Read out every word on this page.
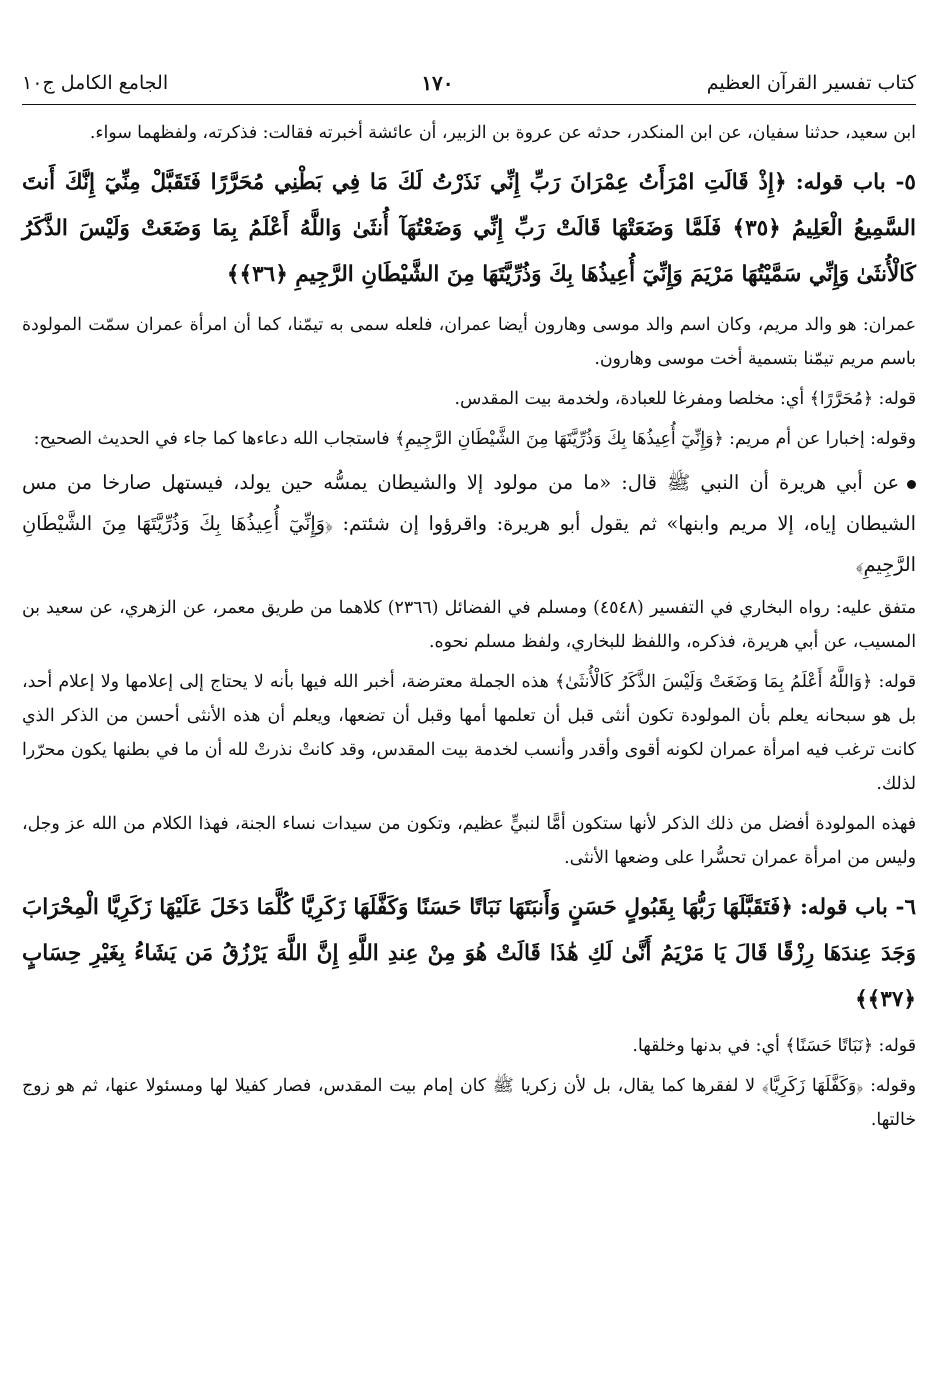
كتاب تفسير القرآن العظيم
١٧٠
الجامع الكامل ج١٠

ابن سعيد، حدثنا سفيان، عن ابن المنكدر، حدثه عن عروة بن الزبير، أن عائشة أخبرته فقالت: فذكرته، ولفظهما سواء.

٥- باب قوله: ﴿إِذْ قَالَتِ امْرَأَتُ عِمْرَانَ رَبِّ إِنِّي نَذَرْتُ لَكَ مَا فِي بَطْنِي مُحَرَّرًا فَتَقَبَّلْ مِنِّيٓ إِنَّكَ أَنتَ السَّمِيعُ الْعَلِيمُ ﴿٣٥﴾ فَلَمَّا وَضَعَتْهَا قَالَتْ رَبِّ إِنِّي وَضَعْتُهَآ أُنثَىٰ وَاللَّهُ أَعْلَمُ بِمَا وَضَعَتْ وَلَيْسَ الذَّكَرُ كَالْأُنثَىٰ وَإِنِّي سَمَّيْتُهَا مَرْيَمَ وَإِنِّيٓ أُعِيذُهَا بِكَ وَذُرِّيَّتَهَا مِنَ الشَّيْطَانِ الرَّجِيمِ ﴿٣٦﴾﴾

عمران: هو والد مريم، وكان اسم والد موسى وهارون أيضا عمران، فلعله سمى به تيمّنا، كما أن امرأة عمران سمّت المولودة باسم مريم تيمّنا بتسمية أخت موسى وهارون.

قوله: ﴿مُحَرَّرًا﴾ أي: مخلصا ومفرغا للعبادة، ولخدمة بيت المقدس.

وقوله: إخبارا عن أم مريم: ﴿وَإِنِّيٓ أُعِيذُهَا بِكَ وَذُرِّيَّتَهَا مِنَ الشَّيْطَانِ الرَّجِيمِ﴾ فاستجاب الله دعاءها كما جاء في الحديث الصحيح:

عن أبي هريرة أن النبي ﷺ قال: «ما من مولود إلا والشيطان يمسُّه حين يولد، فيستهل صارخا من مس الشيطان إياه، إلا مريم وابنها» ثم يقول أبو هريرة: واقرؤوا إن شئتم: ﴿وَإِنِّيٓ أُعِيذُهَا بِكَ وَذُرِّيَّتَهَا مِنَ الشَّيْطَانِ الرَّجِيمِ﴾

متفق عليه: رواه البخاري في التفسير (٤٥٤٨) ومسلم في الفضائل (٢٣٦٦) كلاهما من طريق معمر، عن الزهري، عن سعيد بن المسيب، عن أبي هريرة، فذكره، واللفظ للبخاري، ولفظ مسلم نحوه.

قوله: ﴿وَاللَّهُ أَعْلَمُ بِمَا وَضَعَتْ وَلَيْسَ الذَّكَرُ كَالْأُنثَىٰ﴾ هذه الجملة معترضة، أخبر الله فيها بأنه لا يحتاج إلى إعلامها ولا إعلام أحد، بل هو سبحانه يعلم بأن المولودة تكون أنثى قبل أن تعلمها أمها وقبل أن تضعها، ويعلم أن هذه الأنثى أحسن من الذكر الذي كانت ترغب فيه امرأة عمران لكونه أقوى وأقدر وأنسب لخدمة بيت المقدس، وقد كانتْ نذرتْ لله أن ما في بطنها يكون محرّرا لذلك.

فهذه المولودة أفضل من ذلك الذكر لأنها ستكون أمًّا لنبيٍّ عظيم، وتكون من سيدات نساء الجنة، فهذا الكلام من الله عز وجل، وليس من امرأة عمران تحسُّرا على وضعها الأنثى.

٦- باب قوله: ﴿فَتَقَبَّلَهَا رَبُّهَا بِقَبُولٍ حَسَنٍ وَأَنبَتَهَا نَبَاتًا حَسَنًا وَكَفَّلَهَا زَكَرِيَّا كُلَّمَا دَخَلَ عَلَيْهَا زَكَرِيَّا الْمِحْرَابَ وَجَدَ عِندَهَا رِزْقًا قَالَ يَا مَرْيَمُ أَنَّىٰ لَكِ هَٰذَا قَالَتْ هُوَ مِنْ عِندِ اللَّهِ إِنَّ اللَّهَ يَرْزُقُ مَن يَشَاءُ بِغَيْرِ حِسَابٍ ﴿٣٧﴾﴾

قوله: ﴿نَبَاتًا حَسَنًا﴾ أي: في بدنها وخلقها.

وقوله: ﴿وَكَفَّلَهَا زَكَرِيَّا﴾ لا لفقرها كما يقال، بل لأن زكريا ﷺ كان إمام بيت المقدس، فصار كفيلا لها ومسئولا عنها، ثم هو زوج خالتها.
